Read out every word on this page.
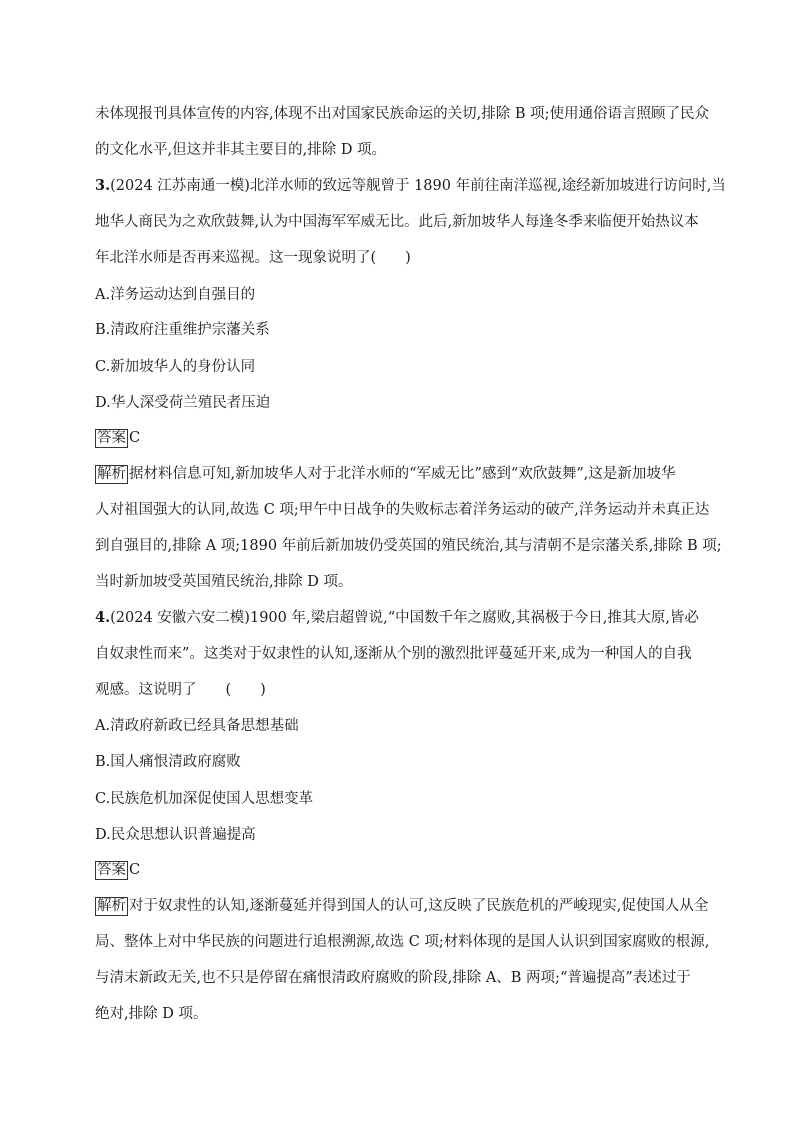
未体现报刊具体宣传的内容,体现不出对国家民族命运的关切,排除 B 项;使用通俗语言照顾了民众
的文化水平,但这并非其主要目的,排除 D 项。
3.(2024 江苏南通一模)北洋水师的致远等舰曾于 1890 年前往南洋巡视,途经新加坡进行访问时,当
地华人商民为之欢欣鼓舞,认为中国海军军威无比。此后,新加坡华人每逢冬季来临便开始热议本
年北洋水师是否再来巡视。这一现象说明了(　　)
A.洋务运动达到自强目的
B.清政府注重维护宗藩关系
C.新加坡华人的身份认同
D.华人深受荷兰殖民者压迫
答案 C
解析 据材料信息可知,新加坡华人对于北洋水师的“军威无比”感到“欢欣鼓舞”,这是新加坡华
人对祖国强大的认同,故选 C 项;甲午中日战争的失败标志着洋务运动的破产,洋务运动并未真正达
到自强目的,排除 A 项;1890 年前后新加坡仍受英国的殖民统治,其与清朝不是宗藩关系,排除 B 项;
当时新加坡受英国殖民统治,排除 D 项。
4.(2024 安徽六安二模)1900 年,梁启超曾说,“中国数千年之腐败,其祸极于今日,推其大原,皆必
自奴隶性而来”。这类对于奴隶性的认知,逐渐从个别的激烈批评蔓延开来,成为一种国人的自我
观感。这说明了　　(　　)
A.清政府新政已经具备思想基础
B.国人痛恨清政府腐败
C.民族危机加深促使国人思想变革
D.民众思想认识普遍提高
答案 C
解析 对于奴隶性的认知,逐渐蔓延并得到国人的认可,这反映了民族危机的严峻现实,促使国人从全
局、整体上对中华民族的问题进行追根溯源,故选 C 项;材料体现的是国人认识到国家腐败的根源,
与清末新政无关,也不只是停留在痛恨清政府腐败的阶段,排除 A、B 两项;“普遍提高”表述过于
绝对,排除 D 项。
